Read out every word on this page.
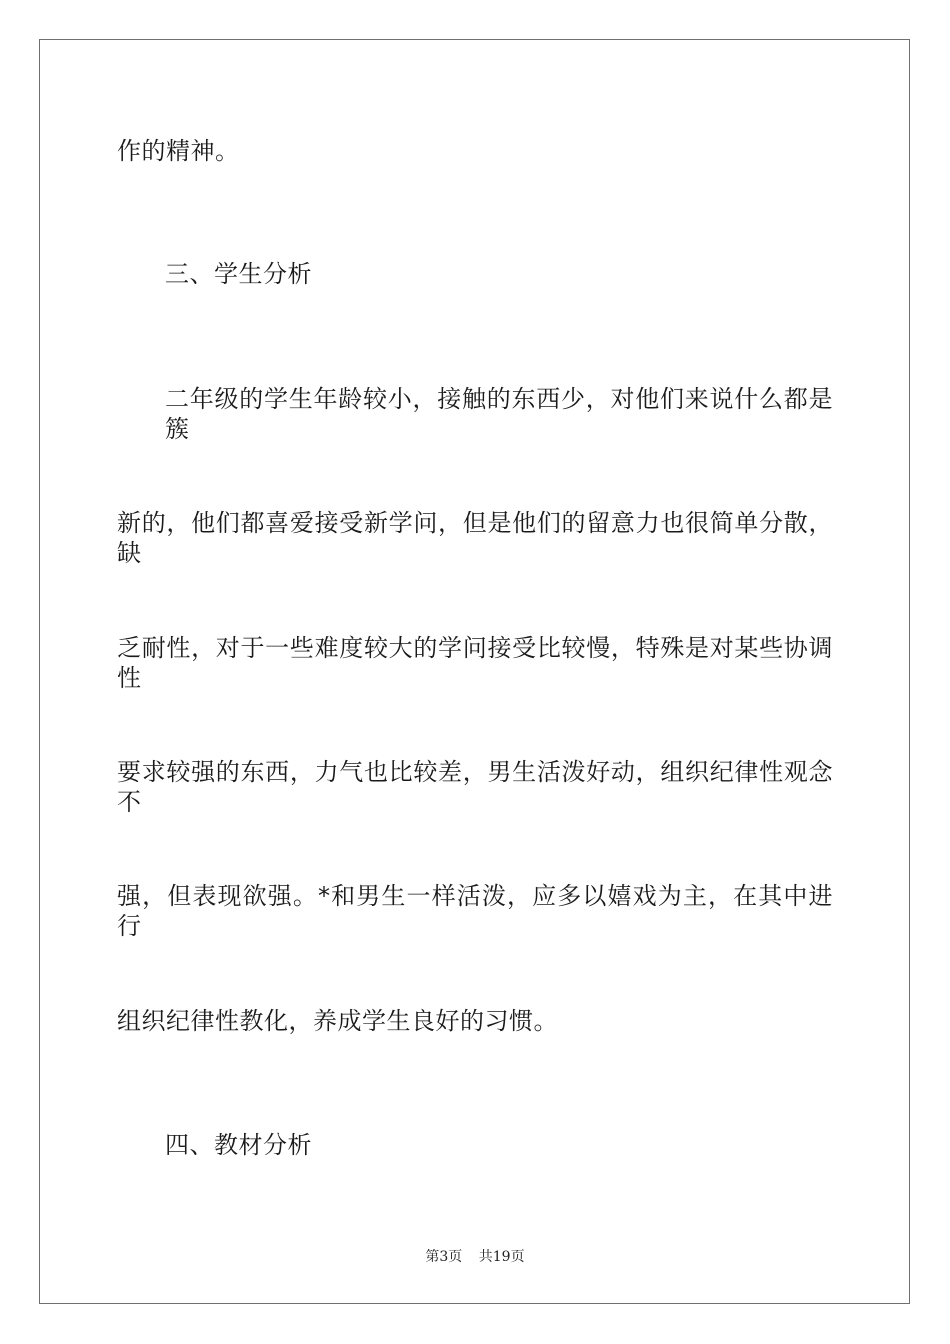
作的精神。
三、学生分析
二年级的学生年龄较小，接触的东西少，对他们来说什么都是簇
新的，他们都喜爱接受新学问，但是他们的留意力也很简单分散，缺
乏耐性，对于一些难度较大的学问接受比较慢，特殊是对某些协调性
要求较强的东西，力气也比较差，男生活泼好动，组织纪律性观念不
强，但表现欲强。*和男生一样活泼，应多以嬉戏为主，在其中进行
组织纪律性教化，养成学生良好的习惯。
四、教材分析
第3页 共19页
